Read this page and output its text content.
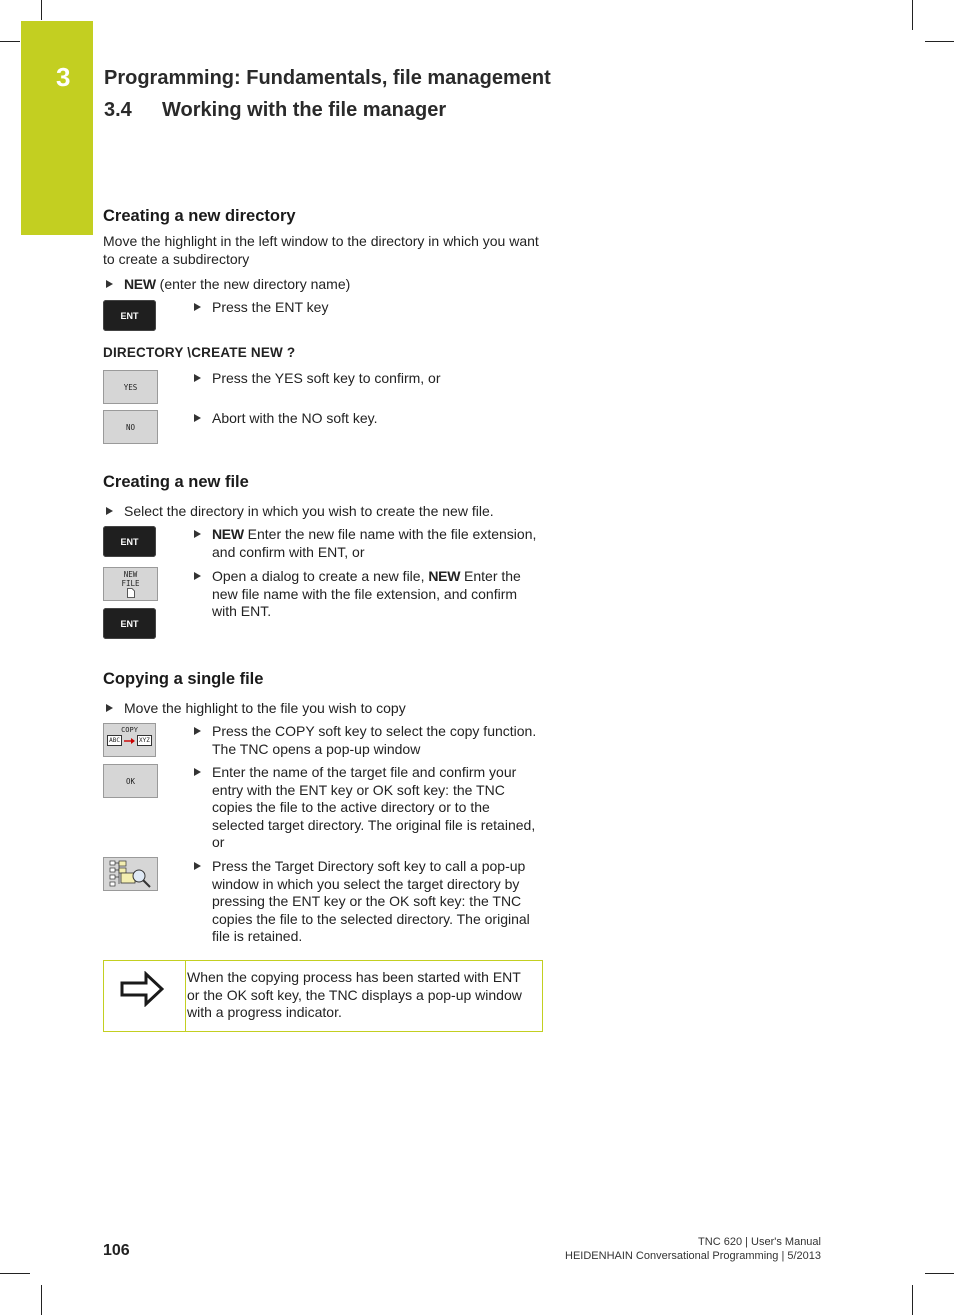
3 Programming: Fundamentals, file management
3.4 Working with the file manager
Creating a new directory
Move the highlight in the left window to the directory in which you want to create a subdirectory
NEW (enter the new directory name)
ENT
Press the ENT key
DIRECTORY \CREATE NEW ?
YES
Press the YES soft key to confirm, or
NO
Abort with the NO soft key.
Creating a new file
Select the directory in which you wish to create the new file.
ENT	NEW Enter the new file name with the file extension, and confirm with ENT, or
NEW
FILE	Open a dialog to create a new file, NEW Enter the new file name with the file extension, and confirm with ENT.
ENT
Copying a single file
Move the highlight to the file you wish to copy
COPY
ABC	XYZ
Press the COPY soft key to select the copy function. The TNC opens a pop-up window
OK
Enter the name of the target file and confirm your entry with the ENT key or OK soft key: the TNC copies the file to the active directory or to the selected target directory. The original file is retained, or
Press the Target Directory soft key to call a pop-up window in which you select the target directory by pressing the ENT key or the OK soft key: the TNC copies the file to the selected directory. The original file is retained.
When the copying process has been started with ENT or the OK soft key, the TNC displays a pop-up window with a progress indicator.
106	TNC 620 | User's Manual
HEIDENHAIN Conversational Programming | 5/2013
